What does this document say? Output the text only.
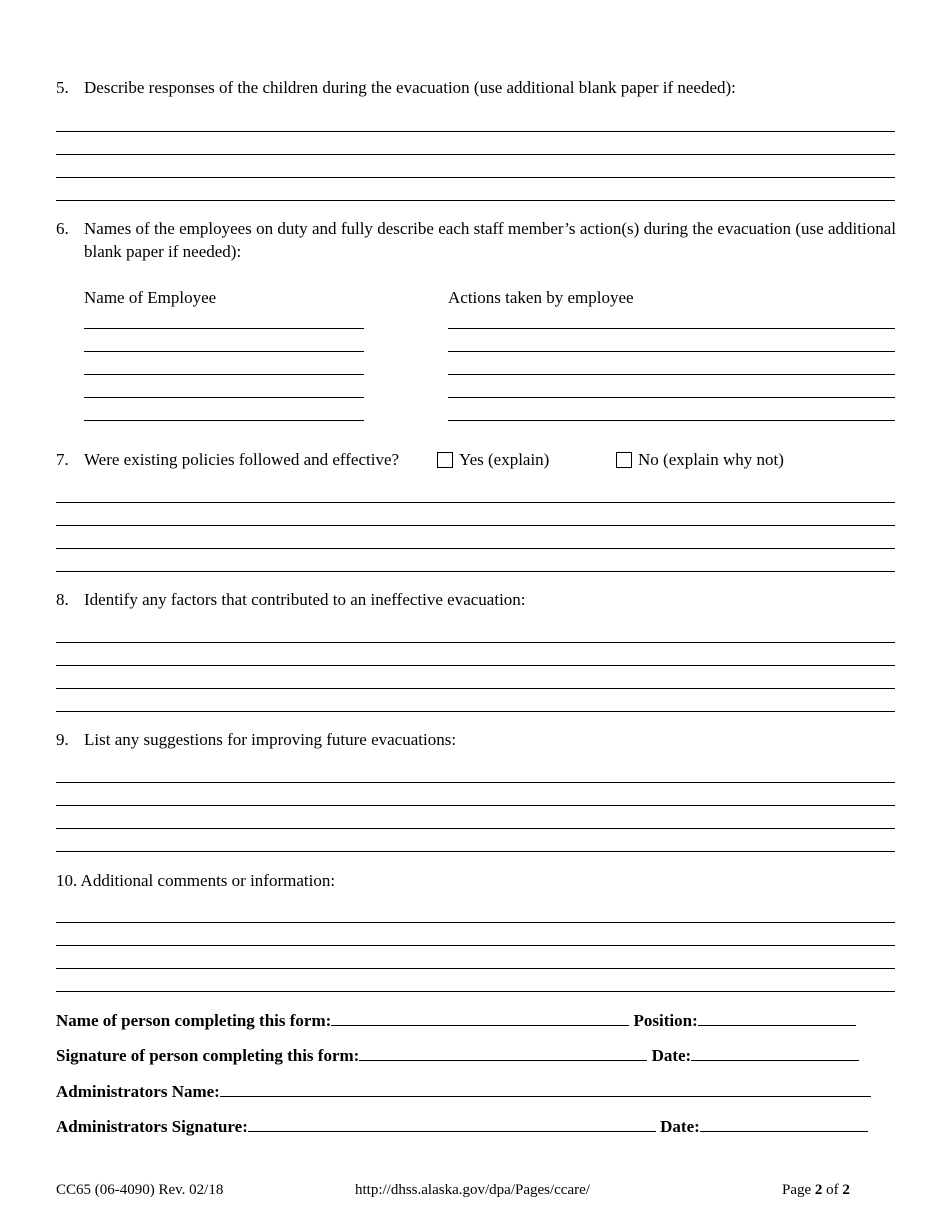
5. Describe responses of the children during the evacuation (use additional blank paper if needed):
6. Names of the employees on duty and fully describe each staff member’s action(s) during the evacuation (use additional blank paper if needed):
Name of Employee	Actions taken by employee
7. Were existing policies followed and effective?	Yes (explain)	No (explain why not)
8. Identify any factors that contributed to an ineffective evacuation:
9. List any suggestions for improving future evacuations:
10. Additional comments or information:
Name of person completing this form:	Position:
Signature of person completing this form:	Date:
Administrators Name:
Administrators Signature:	Date:
CC65 (06-4090) Rev. 02/18	http://dhss.alaska.gov/dpa/Pages/ccare/	Page 2 of 2
